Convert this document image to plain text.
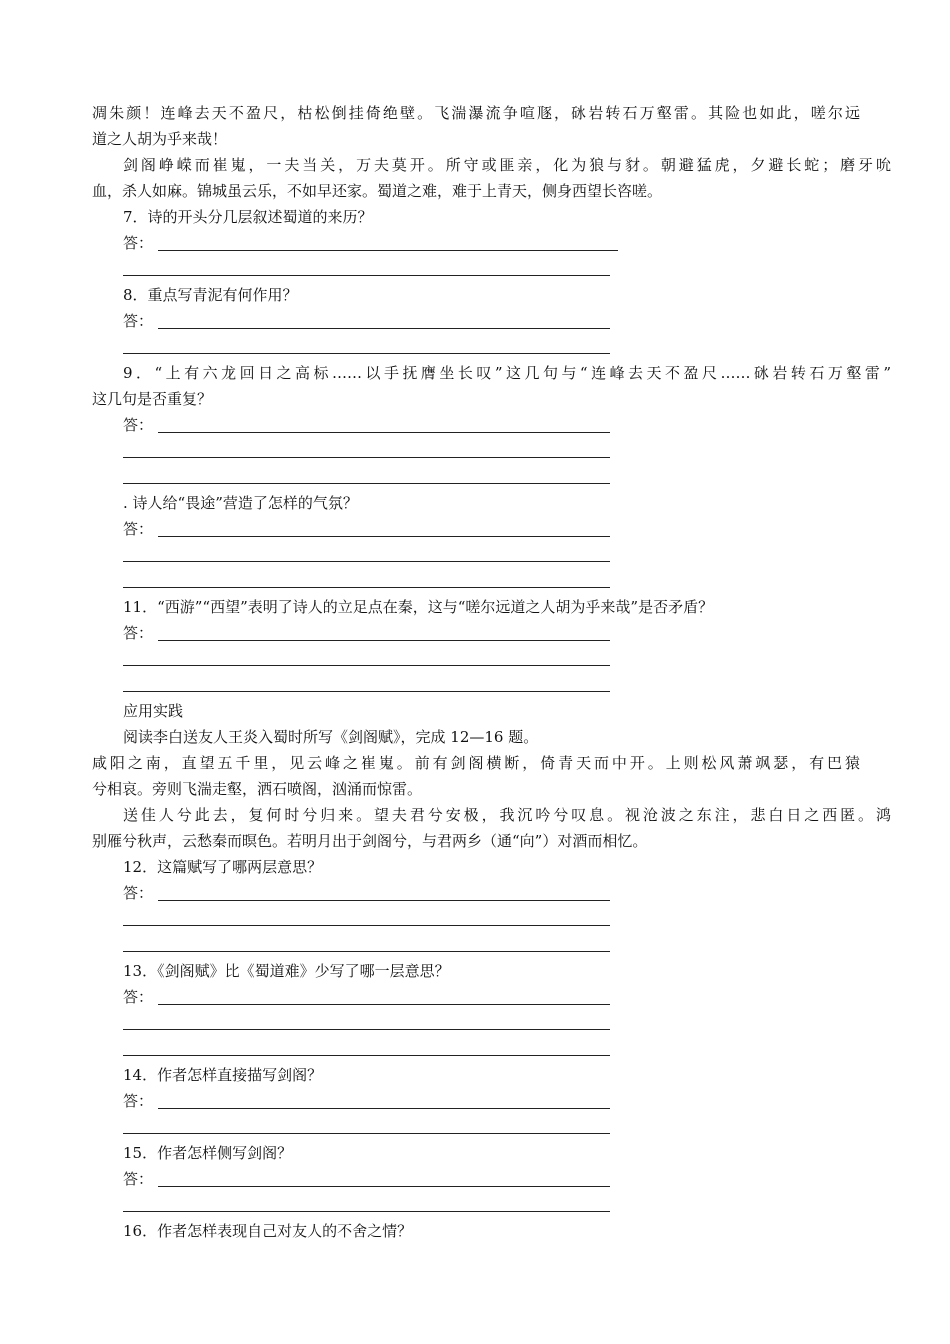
凋朱颜！连峰去天不盈尺，枯松倒挂倚绝壁。飞湍瀑流争喧豗，砯岩转石万壑雷。其险也如此，嗟尔远
道之人胡为乎来哉！
剑阁峥嵘而崔嵬，一夫当关，万夫莫开。所守或匪亲，化为狼与豺。朝避猛虎，夕避长蛇；磨牙吮
血，杀人如麻。锦城虽云乐，不如早还家。蜀道之难，难于上青天，侧身西望长咨嗟。
7．诗的开头分几层叙述蜀道的来历？
答：
8．重点写青泥有何作用？
答：
9．“上有六龙回日之高标……以手抚膺坐长叹”这几句与“连峰去天不盈尺……砯岩转石万壑雷”
这几句是否重复？
答：
. 诗人给“畏途”营造了怎样的气氛？
答：
11．“西游”“西望”表明了诗人的立足点在秦，这与“嗟尔远道之人胡为乎来哉”是否矛盾？
答：
应用实践
阅读李白送友人王炎入蜀时所写《剑阁赋》，完成 12—16 题。
咸阳之南，直望五千里，见云峰之崔嵬。前有剑阁横断，倚青天而中开。上则松风萧飒瑟，有巴猿
兮相哀。旁则飞湍走壑，洒石喷阁，汹涌而惊雷。
送佳人兮此去，复何时兮归来。望夫君兮安极，我沉吟兮叹息。视沧波之东注，悲白日之西匿。鸿
别雁兮秋声，云愁秦而暝色。若明月出于剑阁兮，与君两乡（通“向”）对酒而相忆。
12．这篇赋写了哪两层意思？
答：
13．《剑阁赋》比《蜀道难》少写了哪一层意思？
答：
14．作者怎样直接描写剑阁？
答：
15．作者怎样侧写剑阁？
答：
16．作者怎样表现自己对友人的不舍之情？
